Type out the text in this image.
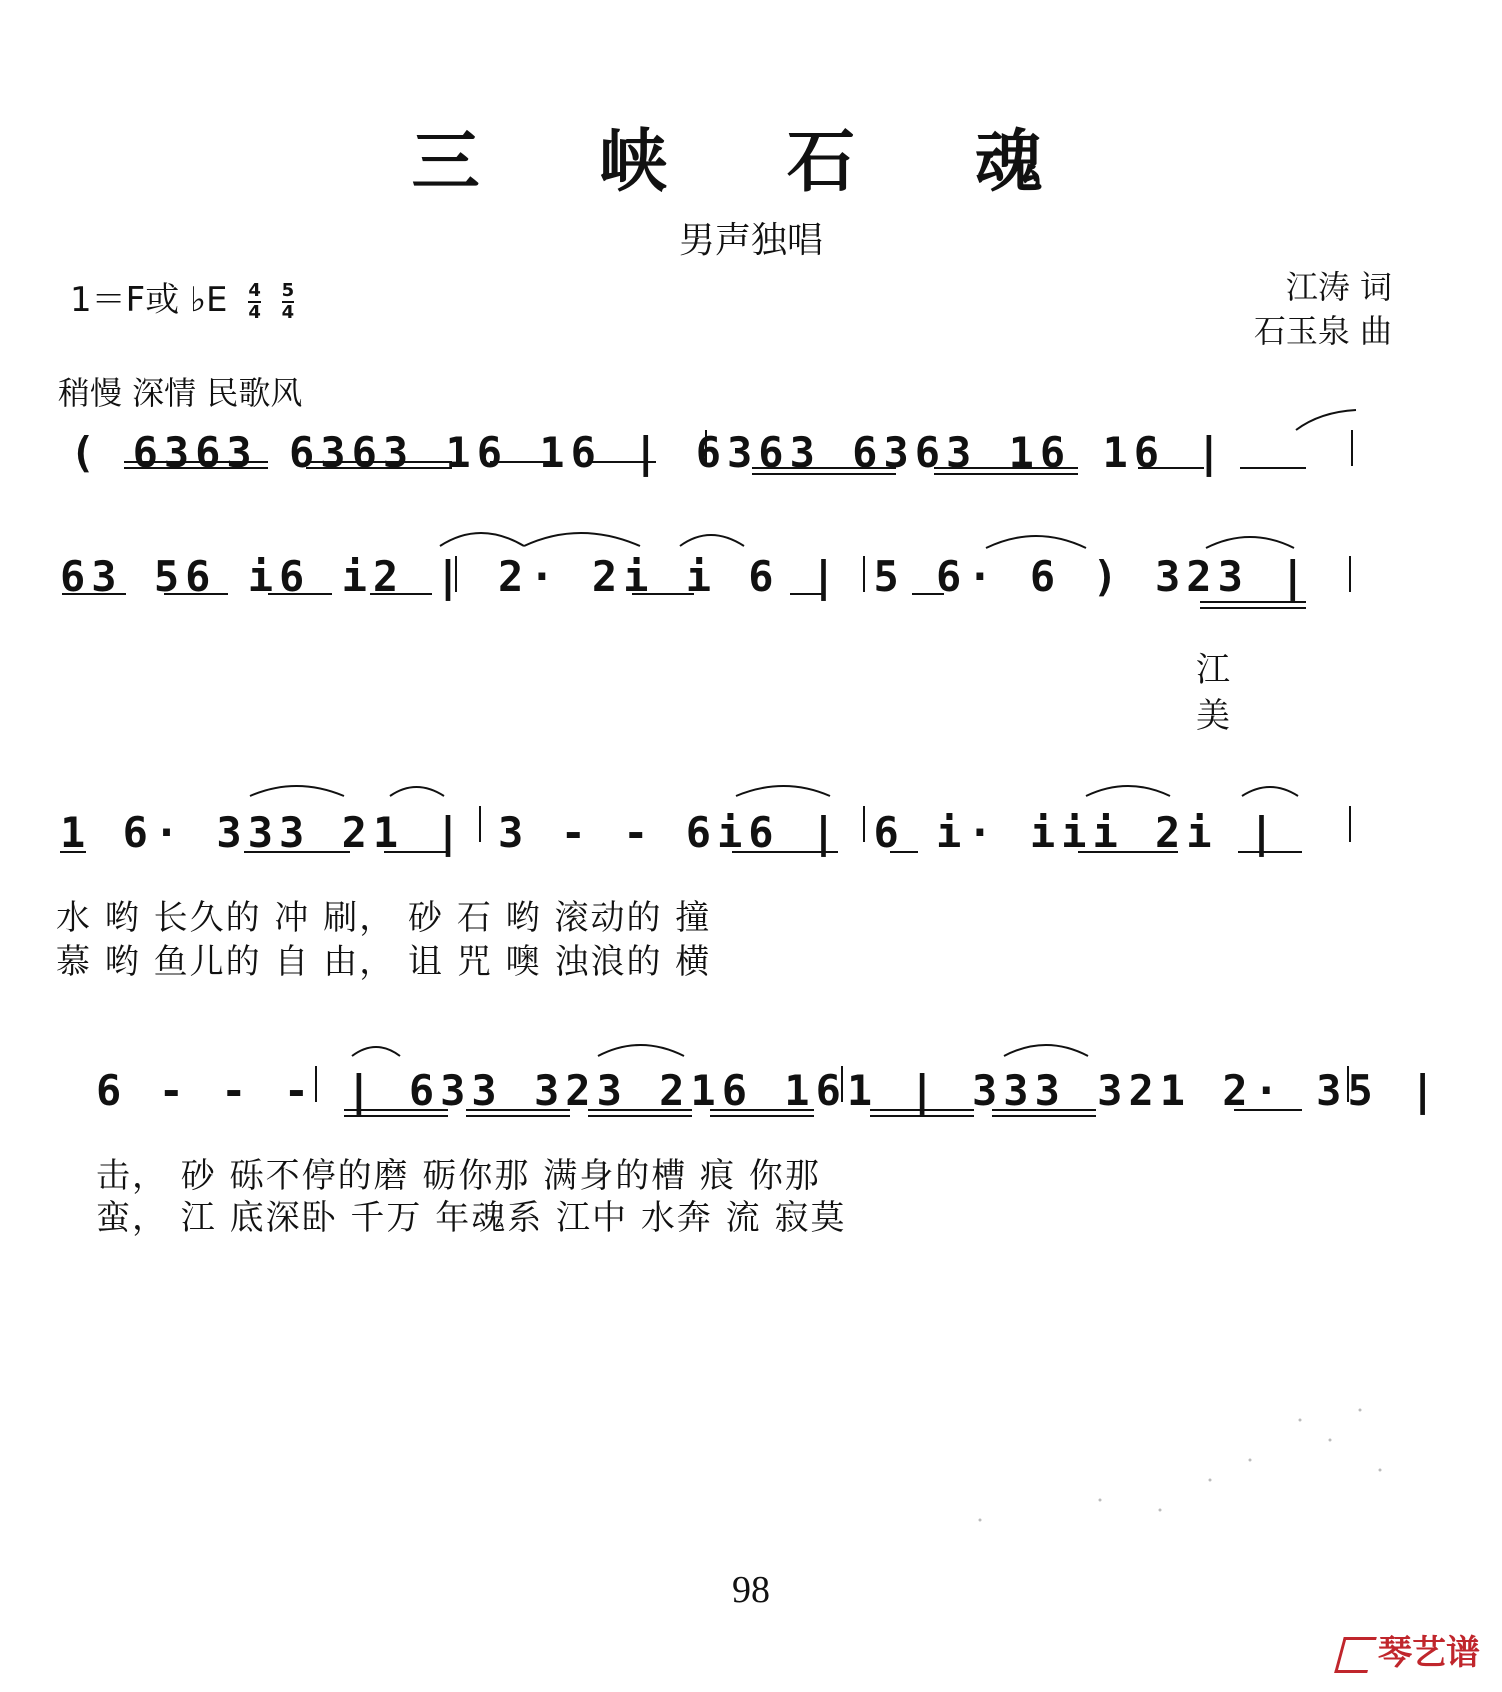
三 峡 石 魂
男声独唱
1＝F或 ♭E $\frac{4}{4} \frac{5}{4}$	江涛 词
石玉泉 曲
稍慢 深情 民歌风
( 6363 6363 16 16 | 6363 6363 16 16 |
63 56 i6 i2 | 2· 2i i 6 | 5 6· 6 ) 323 |
江
美
1 6· 333 21 | 3 - - 6i6 | 6 i· iii 2i |
水 哟 长久的 冲 刷， 砂 石 哟 滚动的 撞
慕 哟 鱼儿的 自 由， 诅 咒 噢 浊浪的 横
6 - - - | 633 323 216 161 | 333 321 2· 35 |
击， 砂 砾不停的磨 砺你那 满身的槽 痕 你那
蛮， 江 底深卧 千万 年魂系 江中 水奔 流 寂莫
98
琴艺谱
